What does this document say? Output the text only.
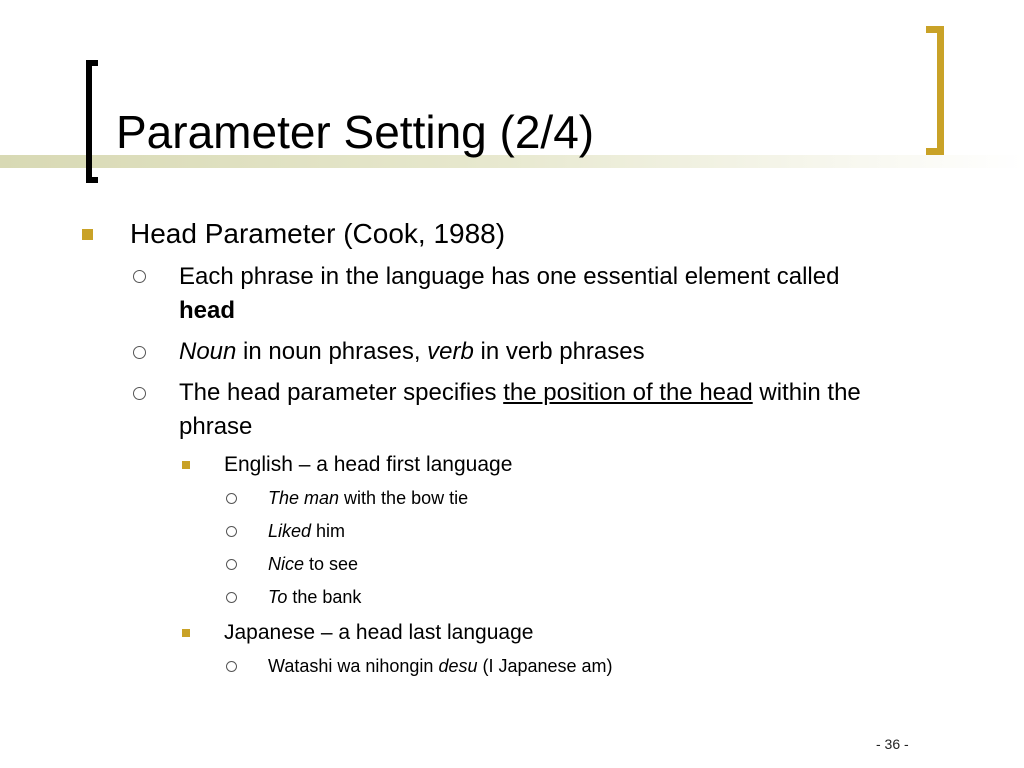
Parameter Setting (2/4)
Head Parameter (Cook, 1988)
Each phrase in the language has one essential element called
head
Noun in noun phrases, verb in verb phrases
The head parameter specifies the position of the head within the
phrase
English – a head first language
The man with the bow tie
Liked him
Nice to see
To the bank
Japanese – a head last language
Watashi wa nihongin desu (I Japanese am)
- 36 -
